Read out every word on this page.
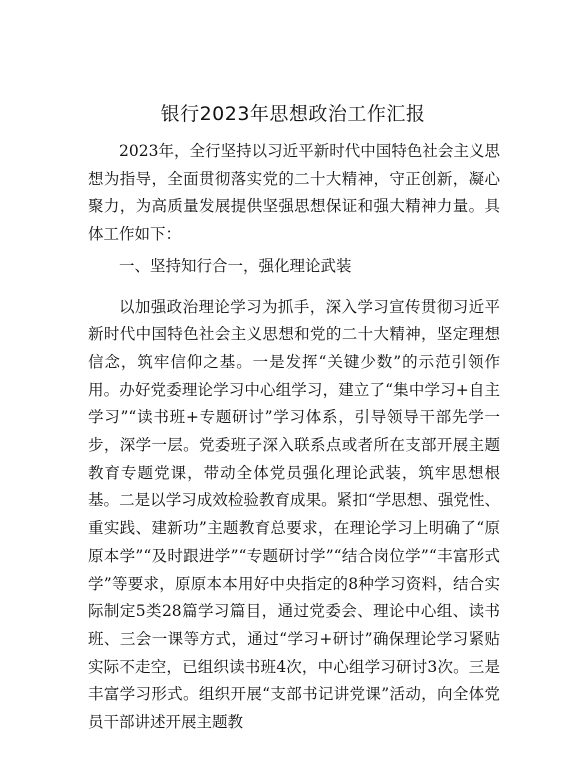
银行2023年思想政治工作汇报

2023年，全行坚持以习近平新时代中国特色社会主义思想为指导，全面贯彻落实党的二十大精神，守正创新，凝心聚力，为高质量发展提供坚强思想保证和强大精神力量。具体工作如下：

一、坚持知行合一，强化理论武装

以加强政治理论学习为抓手，深入学习宣传贯彻习近平新时代中国特色社会主义思想和党的二十大精神，坚定理想信念，筑牢信仰之基。一是发挥“关键少数”的示范引领作用。办好党委理论学习中心组学习，建立了“集中学习+自主学习”“读书班+专题研讨”学习体系，引导领导干部先学一步，深学一层。党委班子深入联系点或者所在支部开展主题教育专题党课，带动全体党员强化理论武装，筑牢思想根基。二是以学习成效检验教育成果。紧扣“学思想、强党性、重实践、建新功”主题教育总要求，在理论学习上明确了“原原本学”“及时跟进学”“专题研讨学”“结合岗位学”“丰富形式学”等要求，原原本本用好中央指定的8种学习资料，结合实际制定5类28篇学习篇目，通过党委会、理论中心组、读书班、三会一课等方式，通过“学习+研讨”确保理论学习紧贴实际不走空，已组织读书班4次，中心组学习研讨3次。三是丰富学习形式。组织开展“支部书记讲党课”活动，向全体党员干部讲述开展主题教
